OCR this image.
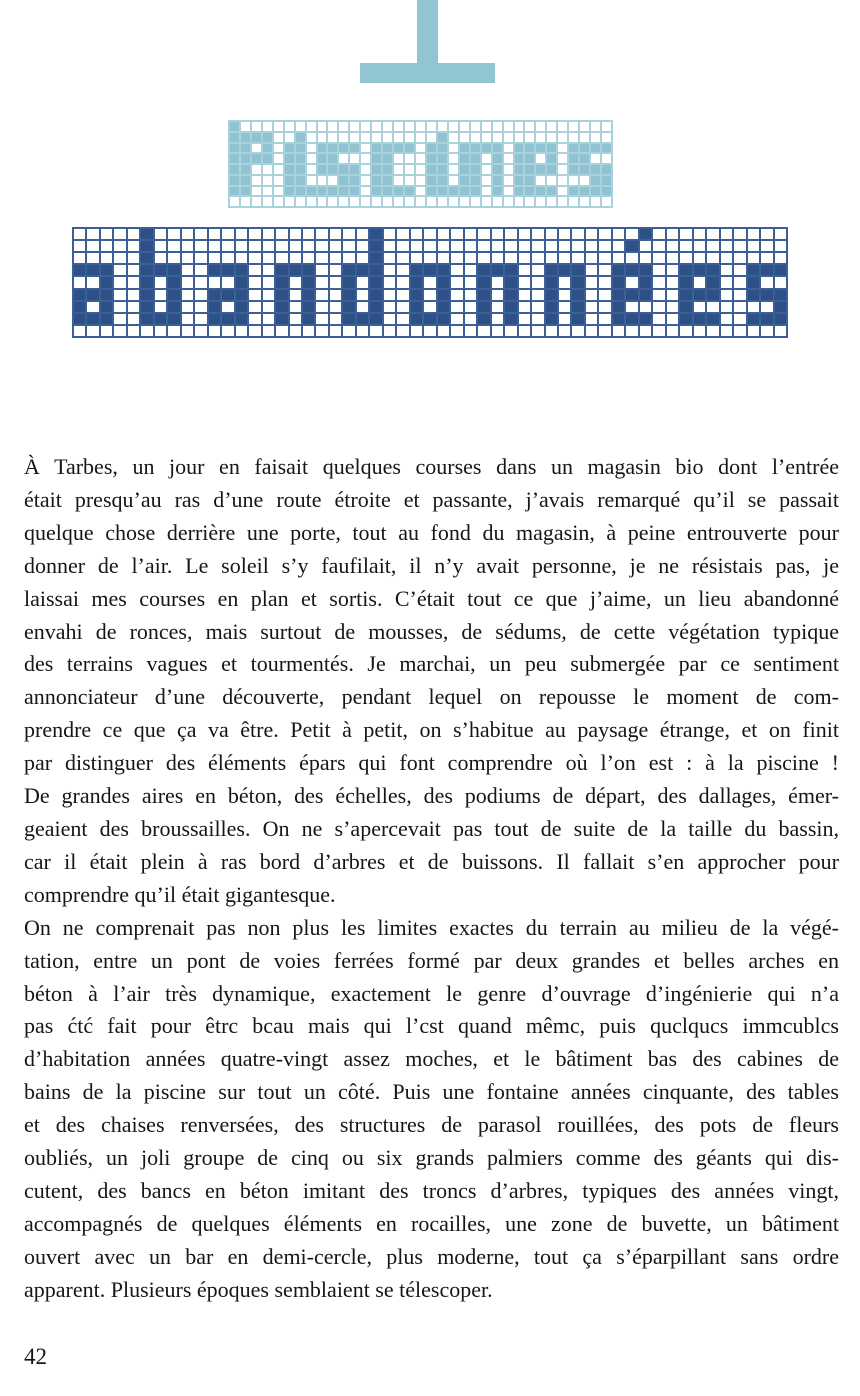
À Tarbes, un jour en faisait quelques courses dans un magasin bio dont l’entrée
était presqu’au ras d’une route étroite et passante, j’avais remarqué qu’il se passait
quelque chose derrière une porte, tout au fond du magasin, à peine entrouverte pour
donner de l’air. Le soleil s’y faufilait, il n’y avait personne, je ne résistais pas, je
laissai mes courses en plan et sortis. C’était tout ce que j’aime, un lieu abandonné
envahi de ronces, mais surtout de mousses, de sédums, de cette végétation typique
des terrains vagues et tourmentés. Je marchai, un peu submergée par ce sentiment
annonciateur d’une découverte, pendant lequel on repousse le moment de com-
prendre ce que ça va être. Petit à petit, on s’habitue au paysage étrange, et on finit
par distinguer des éléments épars qui font comprendre où l’on est : à la piscine !
De grandes aires en béton, des échelles, des podiums de départ, des dallages, émer-
geaient des broussailles. On ne s’apercevait pas tout de suite de la taille du bassin,
car il était plein à ras bord d’arbres et de buissons. Il fallait s’en approcher pour
comprendre qu’il était gigantesque.
On ne comprenait pas non plus les limites exactes du terrain au milieu de la végé-
tation, entre un pont de voies ferrées formé par deux grandes et belles arches en
béton à l’air très dynamique, exactement le genre d’ouvrage d’ingénierie qui n’a
pas ćtć fait pour êtrc bcau mais qui l’cst quand mêmc, puis quclqucs immcublcs
d’habitation années quatre-vingt assez moches, et le bâtiment bas des cabines de
bains de la piscine sur tout un côté. Puis une fontaine années cinquante, des tables
et des chaises renversées, des structures de parasol rouillées, des pots de fleurs
oubliés, un joli groupe de cinq ou six grands palmiers comme des géants qui dis-
cutent, des bancs en béton imitant des troncs d’arbres, typiques des années vingt,
accompagnés de quelques éléments en rocailles, une zone de buvette, un bâtiment
ouvert avec un bar en demi-cercle, plus moderne, tout ça s’éparpillant sans ordre
apparent. Plusieurs époques semblaient se télescoper.
42
